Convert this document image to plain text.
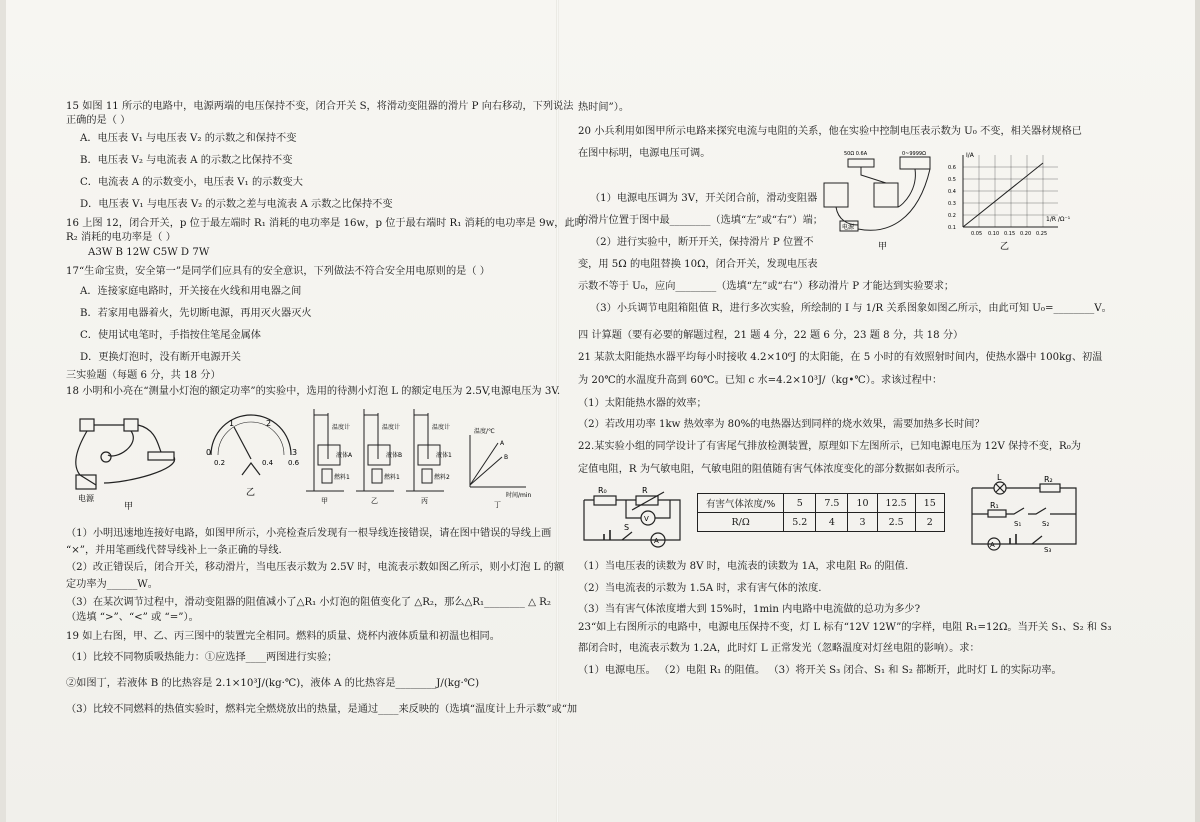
15 如图 11 所示的电路中，电源两端的电压保持不变，闭合开关 S，将滑动变阻器的滑片 P 向右移动，下列说法
正确的是（ ）
A．电压表 V₁ 与电压表 V₂ 的示数之和保持不变
B．电压表 V₂ 与电流表 A 的示数之比保持不变
C．电流表 A 的示数变小，电压表 V₁ 的示数变大
D．电压表 V₁ 与电压表 V₂ 的示数之差与电流表 A 示数之比保持不变
16 上图 12，闭合开关，p 位于最左端时 R₁ 消耗的电功率是 16w，p 位于最右端时 R₁ 消耗的电功率是 9w，此时
R₂ 消耗的电功率是（ ）
A3W B 12W C5W D 7W
17“生命宝贵，安全第一”是同学们应具有的安全意识，下列做法不符合安全用电原则的是（ ）
A．连接家庭电路时，开关接在火线和用电器之间
B．若家用电器着火，先切断电源，再用灭火器灭火
C．使用试电笔时，手指按住笔尾金属体
D．更换灯泡时，没有断开电源开关
三实验题（每题 6 分，共 18 分）
18 小明和小亮在“测量小灯泡的额定功率”的实验中，选用的待测小灯泡 L 的额定电压为 2.5V,电源电压为 3V.
电源
甲
0
1	2
3
0.2	0.4 0.6
乙
温度计
液体A
燃料1
温度计
液体B
燃料1
温度计
液体1
燃料2
甲	乙	丙
温度/℃
时间/min
A
B
丁
（1）小明迅速地连接好电路，如图甲所示，小亮检查后发现有一根导线连接错误，请在图中错误的导线上画
“×”，并用笔画线代替导线补上一条正确的导线.
（2）改正错误后，闭合开关，移动滑片，当电压表示数为 2.5V 时，电流表示数如图乙所示，则小灯泡 L 的额
定功率为______W。
（3）在某次调节过程中，滑动变阻器的阻值减小了△R₁ 小灯泡的阻值变化了 △R₂，那么△R₁________ △ R₂
（选填 “>”、“<” 或 “=”）。
19 如上右图，甲、乙、丙三图中的装置完全相同。燃料的质量、烧杯内液体质量和初温也相同。
（1）比较不同物质吸热能力：①应选择____两图进行实验；
②如图丁，若液体 B 的比热容是 2.1×10³J/(kg·℃)，液体 A 的比热容是________J/(kg·℃)
（3）比较不同燃料的热值实验时，燃料完全燃烧放出的热量，是通过____来反映的（选填“温度计上升示数”或“加
热时间”）。
20 小兵利用如图甲所示电路来探究电流与电阻的关系，他在实验中控制电压表示数为 U₀ 不变，相关器材规格已
在图中标明，电源电压可调。
（1）电源电压调为 3V，开关闭合前，滑动变阻器
的滑片位置于图中最________（选填“左”或“右”）端；
（2）进行实验中，断开开关，保持滑片 P 位置不
变，用 5Ω 的电阻替换 10Ω，闭合开关，发现电压表
示数不等于 U₀，应向________（选填“左”或“右”）移动滑片 P 才能达到实验要求；
（3）小兵调节电阻箱阻值 R，进行多次实验，所绘制的 I 与 1/R 关系图象如图乙所示，由此可知 U₀=________V。
50Ω 0.6A	0~9999Ω
电源
甲
I/A
1/R /Ω⁻¹
0.6
0.5
0.4
0.3
0.2
0.1
0.05 0.10 0.15 0.20 0.25
乙
四 计算题（要有必要的解题过程，21 题 4 分，22 题 6 分，23 题 8 分，共 18 分）
21 某款太阳能热水器平均每小时接收 4.2×10⁶J 的太阳能，在 5 小时的有效照射时间内，使热水器中 100kg、初温
为 20℃的水温度升高到 60℃。已知 c 水=4.2×10³J/（kg•℃）。求该过程中：
（1）太阳能热水器的效率；
（2）若改用功率 1kw 热效率为 80%的电热器达到同样的烧水效果，需要加热多长时间？
22.某实验小组的同学设计了有害尾气排放检测装置，原理如下左图所示，已知电源电压为 12V 保持不变，R₀为
定值电阻，R 为气敏电阻，气敏电阻的阻值随有害气体浓度变化的部分数据如表所示。
R₀	R
V
A
S
有害气体浓度/%	5	7.5	10	12.5	15
R/Ω	5.2	4	3	2.5	2
L	R₂
R₁
S₁	S₂
S₃
A
（1）当电压表的读数为 8V 时，电流表的读数为 1A，求电阻 R₀ 的阻值.
（2）当电流表的示数为 1.5A 时，求有害气体的浓度.
（3）当有害气体浓度增大到 15%时，1min 内电路中电流做的总功为多少?
23“如上右图所示的电路中，电源电压保持不变，灯 L 标有“12V 12W”的字样，电阻 R₁=12Ω。当开关 S₁、S₂ 和 S₃
都闭合时，电流表示数为 1.2A，此时灯 L 正常发光（忽略温度对灯丝电阻的影响）。求：
（1）电源电压。 （2）电阻 R₁ 的阻值。 （3）将开关 S₃ 闭合、S₁ 和 S₂ 都断开，此时灯 L 的实际功率。
